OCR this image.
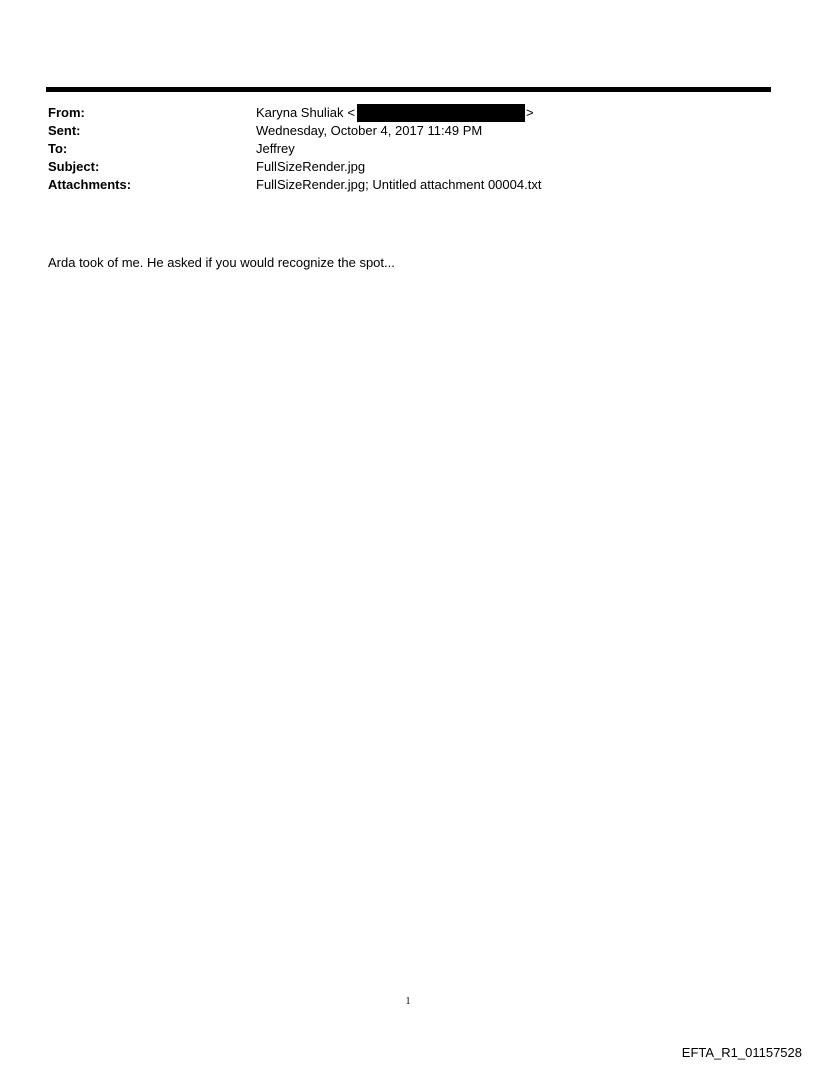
From:	Karyna Shuliak <	>
Sent:	Wednesday, October 4, 2017 11:49 PM
To:	Jeffrey
Subject:	FullSizeRender.jpg
Attachments:	FullSizeRender.jpg; Untitled attachment 00004.txt
Arda took of me. He asked if you would recognize the spot...
1
EFTA_R1_01157528
